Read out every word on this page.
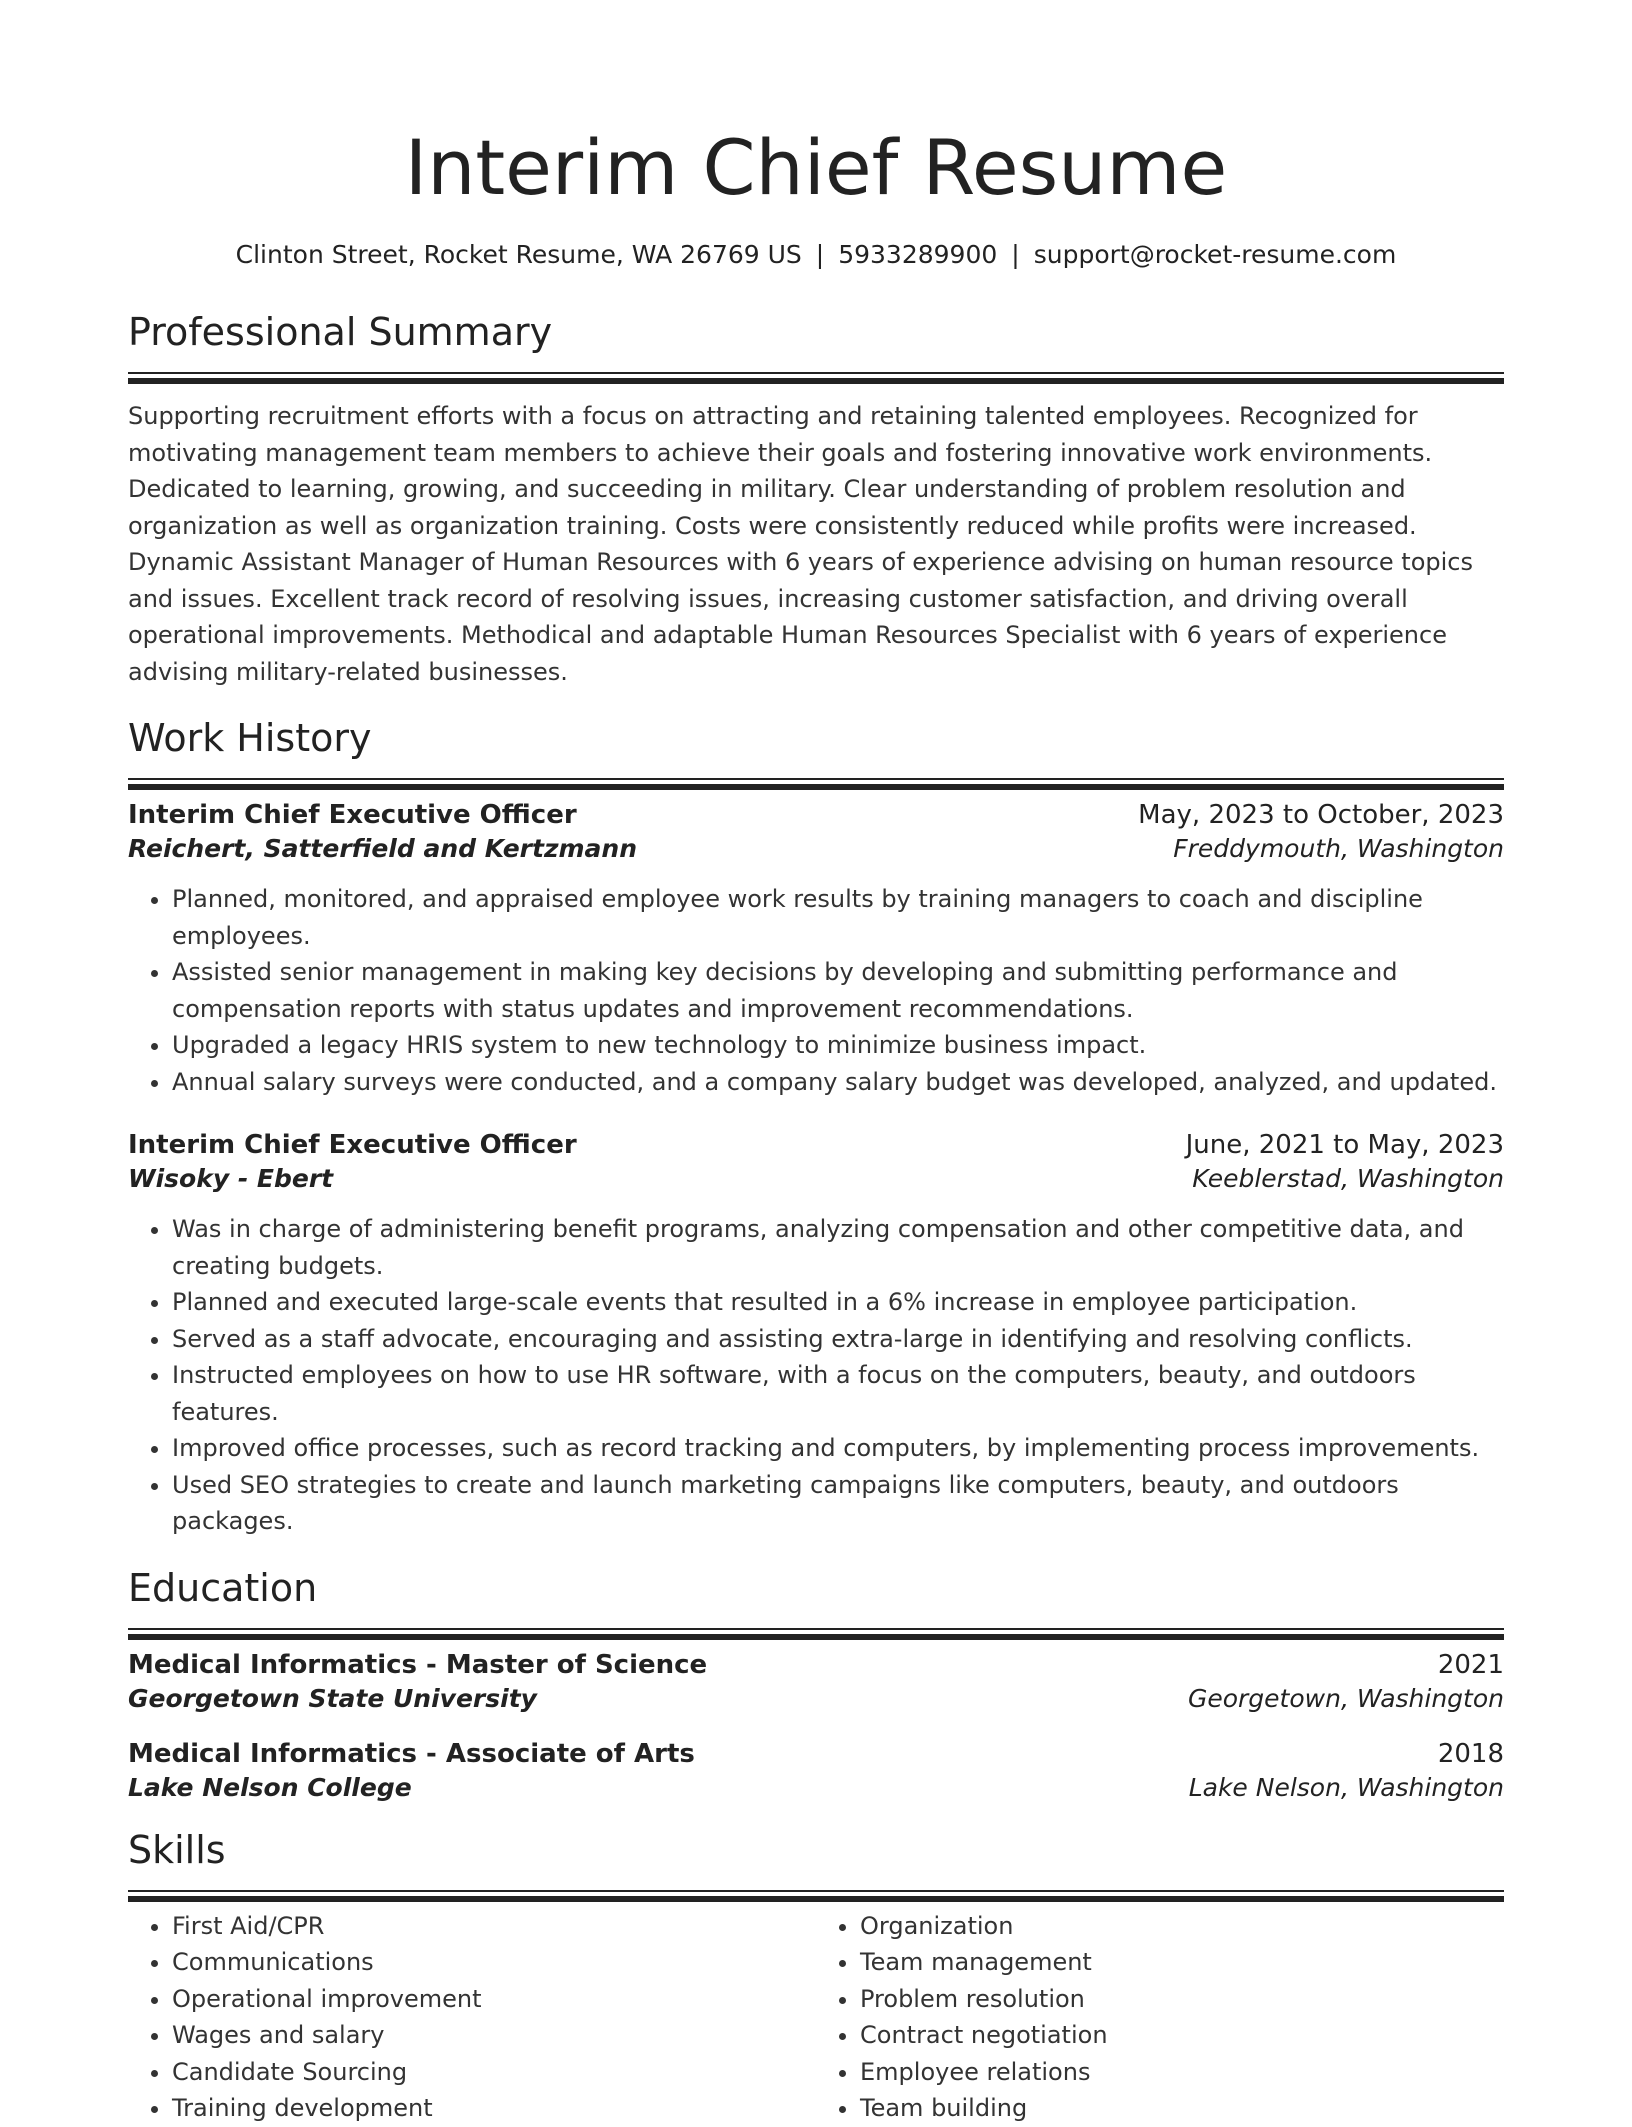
Interim Chief Resume
Clinton Street, Rocket Resume, WA 26769 US | 5933289900 | support@rocket-resume.com
Professional Summary
Supporting recruitment efforts with a focus on attracting and retaining talented employees. Recognized for motivating management team members to achieve their goals and fostering innovative work environments. Dedicated to learning, growing, and succeeding in military. Clear understanding of problem resolution and organization as well as organization training. Costs were consistently reduced while profits were increased. Dynamic Assistant Manager of Human Resources with 6 years of experience advising on human resource topics and issues. Excellent track record of resolving issues, increasing customer satisfaction, and driving overall operational improvements. Methodical and adaptable Human Resources Specialist with 6 years of experience advising military-related businesses.
Work History
Interim Chief Executive Officer	May, 2023 to October, 2023
Reichert, Satterfield and Kertzmann	Freddymouth, Washington
• Planned, monitored, and appraised employee work results by training managers to coach and discipline employees.
• Assisted senior management in making key decisions by developing and submitting performance and compensation reports with status updates and improvement recommendations.
• Upgraded a legacy HRIS system to new technology to minimize business impact.
• Annual salary surveys were conducted, and a company salary budget was developed, analyzed, and updated.
Interim Chief Executive Officer	June, 2021 to May, 2023
Wisoky - Ebert	Keeblerstad, Washington
• Was in charge of administering benefit programs, analyzing compensation and other competitive data, and creating budgets.
• Planned and executed large-scale events that resulted in a 6% increase in employee participation.
• Served as a staff advocate, encouraging and assisting extra-large in identifying and resolving conflicts.
• Instructed employees on how to use HR software, with a focus on the computers, beauty, and outdoors features.
• Improved office processes, such as record tracking and computers, by implementing process improvements.
• Used SEO strategies to create and launch marketing campaigns like computers, beauty, and outdoors packages.
Education
Medical Informatics - Master of Science	2021
Georgetown State University	Georgetown, Washington
Medical Informatics - Associate of Arts	2018
Lake Nelson College	Lake Nelson, Washington
Skills
• First Aid/CPR
• Communications
• Operational improvement
• Wages and salary
• Candidate Sourcing
• Training development
• Organization
• Team management
• Problem resolution
• Contract negotiation
• Employee relations
• Team building
